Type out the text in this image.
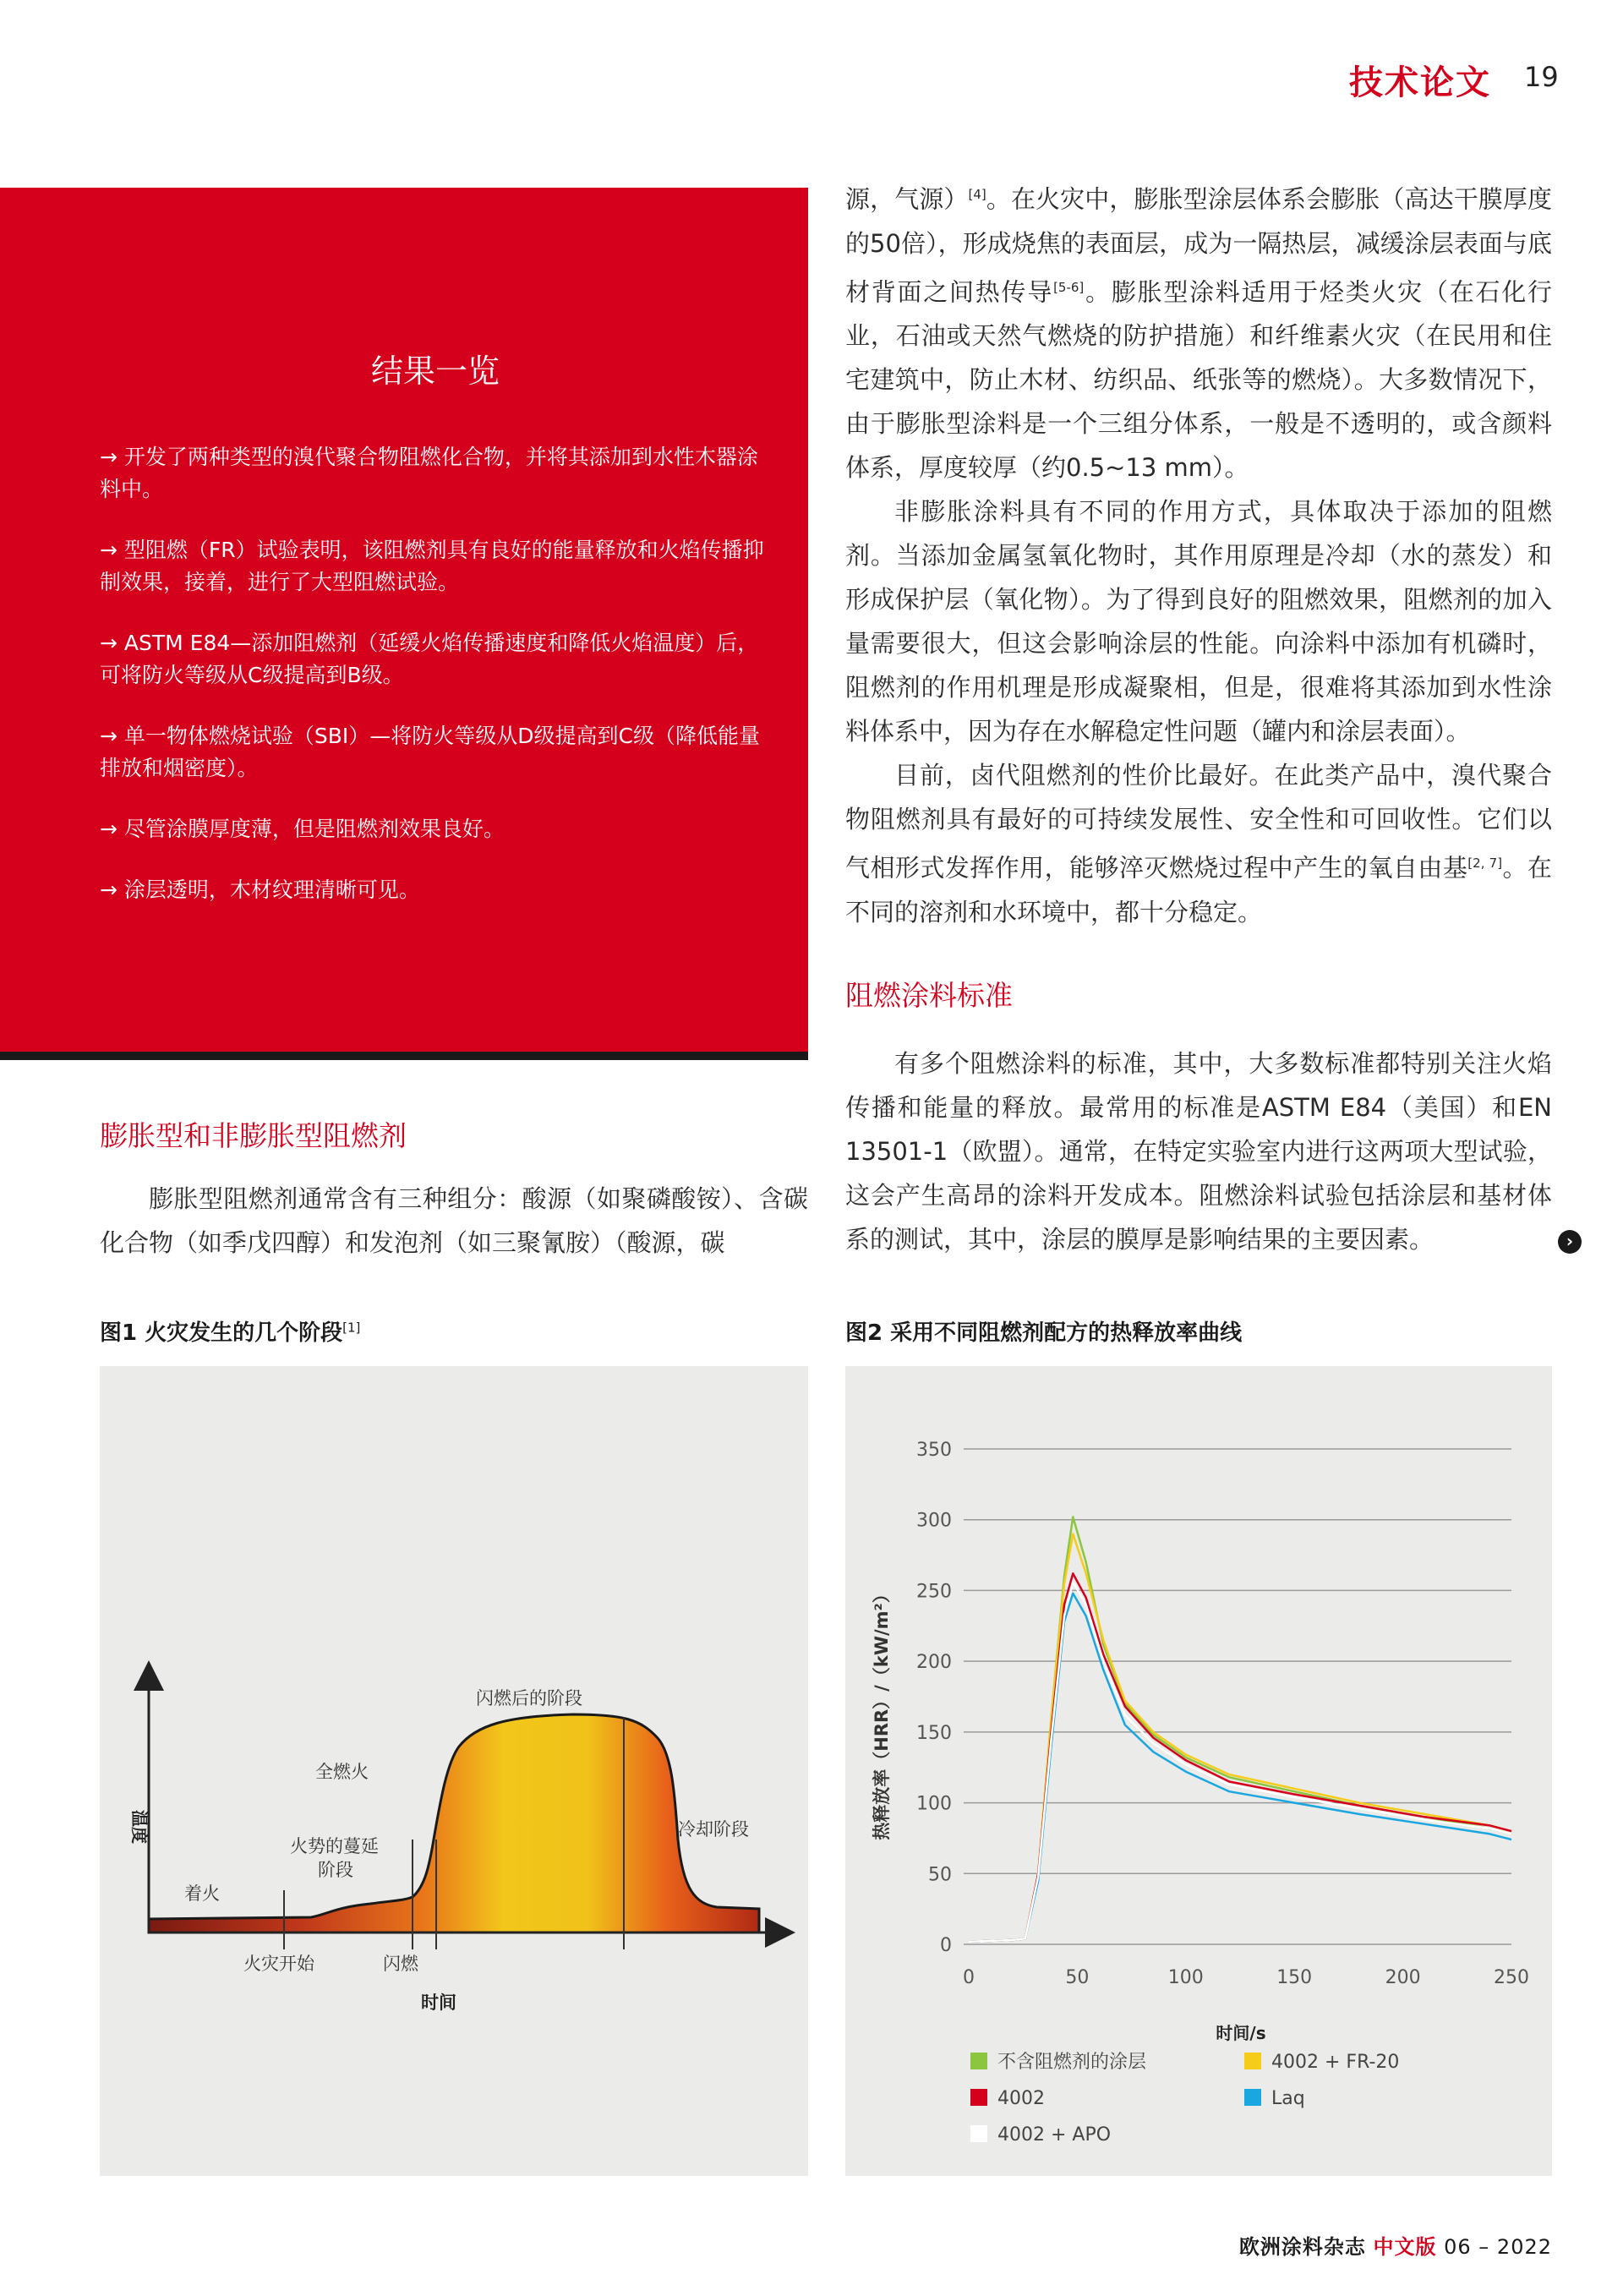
技术论文 19
结果一览
→ 开发了两种类型的溴代聚合物阻燃化合物，并将其添加到水性木器涂料中。
→ 型阻燃（FR）试验表明，该阻燃剂具有良好的能量释放和火焰传播抑制效果，接着，进行了大型阻燃试验。
→ ASTM E84—添加阻燃剂（延缓火焰传播速度和降低火焰温度）后，可将防火等级从C级提高到B级。
→ 单一物体燃烧试验（SBI）—将防火等级从D级提高到C级（降低能量排放和烟密度）。
→ 尽管涂膜厚度薄，但是阻燃剂效果良好。
→ 涂层透明，木材纹理清晰可见。
膨胀型和非膨胀型阻燃剂

膨胀型阻燃剂通常含有三种组分：酸源（如聚磷酸铵）、含碳化合物（如季戊四醇）和发泡剂（如三聚氰胺）（酸源，碳

源，气源）[4]。在火灾中，膨胀型涂层体系会膨胀（高达干膜厚度的50倍），形成烧焦的表面层，成为一隔热层，减缓涂层表面与底材背面之间热传导[5-6]。膨胀型涂料适用于烃类火灾（在石化行业，石油或天然气燃烧的防护措施）和纤维素火灾（在民用和住宅建筑中，防止木材、纺织品、纸张等的燃烧）。大多数情况下，由于膨胀型涂料是一个三组分体系，一般是不透明的，或含颜料体系，厚度较厚（约0.5~13 mm）。

非膨胀涂料具有不同的作用方式，具体取决于添加的阻燃剂。当添加金属氢氧化物时，其作用原理是冷却（水的蒸发）和形成保护层（氧化物）。为了得到良好的阻燃效果，阻燃剂的加入量需要很大，但这会影响涂层的性能。向涂料中添加有机磷时，阻燃剂的作用机理是形成凝聚相，但是，很难将其添加到水性涂料体系中，因为存在水解稳定性问题（罐内和涂层表面）。

目前，卤代阻燃剂的性价比最好。在此类产品中，溴代聚合物阻燃剂具有最好的可持续发展性、安全性和可回收性。它们以气相形式发挥作用，能够淬灭燃烧过程中产生的氧自由基[2, 7]。在不同的溶剂和水环境中，都十分稳定。

阻燃涂料标准

有多个阻燃涂料的标准，其中，大多数标准都特别关注火焰传播和能量的释放。最常用的标准是ASTM E84（美国）和EN 13501-1（欧盟）。通常，在特定实验室内进行这两项大型试验，这会产生高昂的涂料开发成本。阻燃涂料试验包括涂层和基材体系的测试，其中，涂层的膜厚是影响结果的主要因素。	›
图1 火灾发生的几个阶段[1]	图2 采用不同阻燃剂配方的热释放率曲线
温度
时间
着火
火势的蔓延
阶段
全燃火
闪燃后的阶段
冷却阶段
火灾开始	闪燃
0
50
100
150
200
250
300
350
0	50	100	150	200	250
热释放率（HRR）/（kW/m²）
时间/s
不含阻燃剂的涂层	4002 + FR-20
4002	Laq
4002 + APO
欧洲涂料杂志 中文版 06 – 2022
